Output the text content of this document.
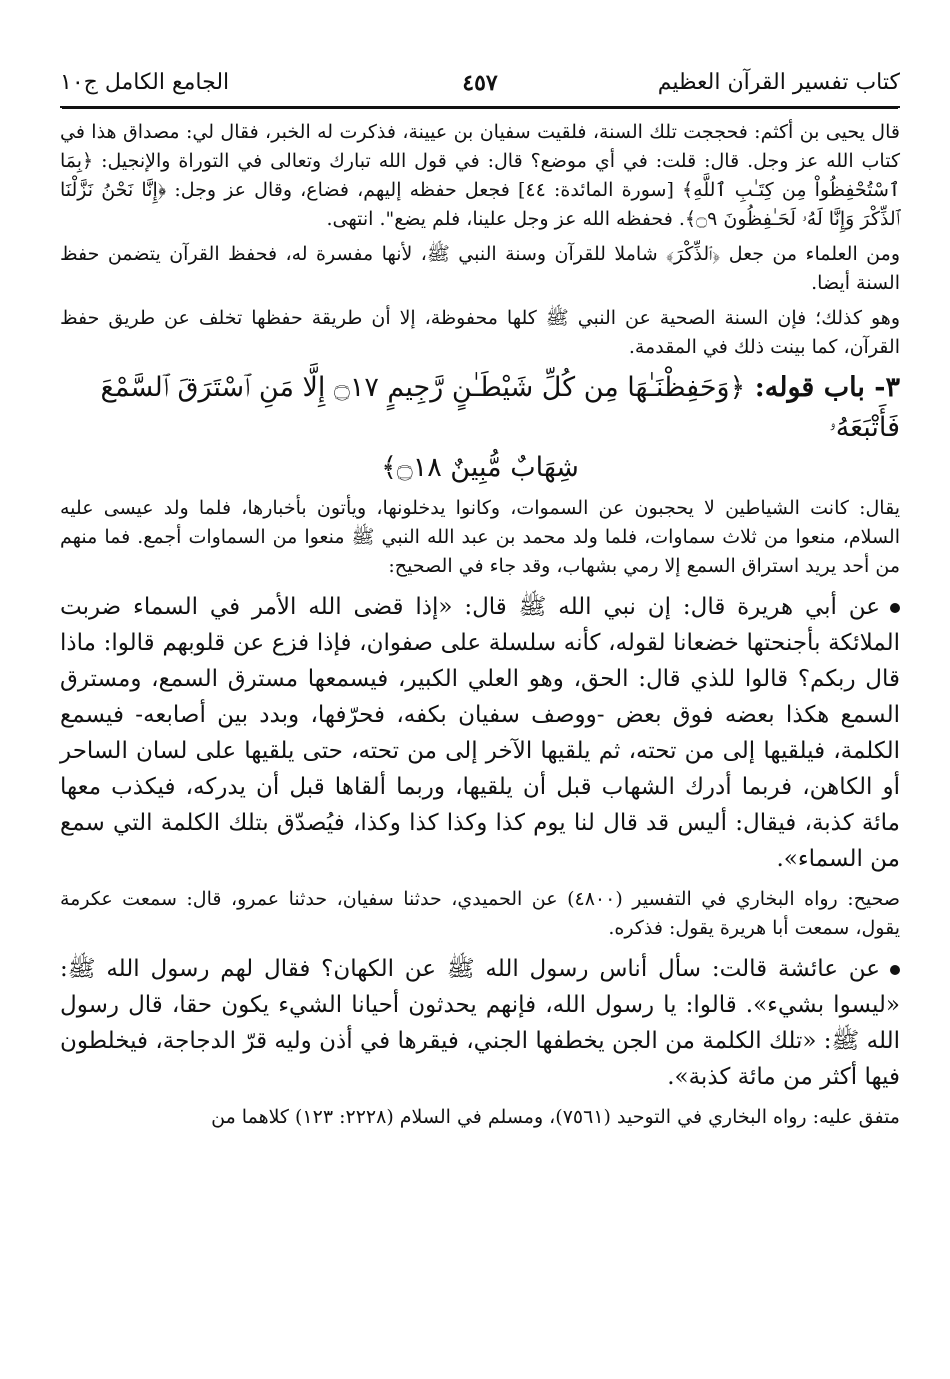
كتاب تفسير القرآن العظيم
٤٥٧
الجامع الكامل ج١٠

قال يحيى بن أكثم: فحججت تلك السنة، فلقيت سفيان بن عيينة، فذكرت له الخبر، فقال لي: مصداق هذا في كتاب الله عز وجل. قال: قلت: في أي موضع؟ قال: في قول الله تبارك وتعالى في التوراة والإنجيل: ﴿بِمَا ٱسْتُحْفِظُواْ مِن كِتَـٰبِ ٱللَّهِ﴾ [سورة المائدة: ٤٤] فجعل حفظه إليهم، فضاع، وقال عز وجل: ﴿إِنَّا نَحْنُ نَزَّلْنَا ٱلذِّكْرَ وَإِنَّا لَهُۥ لَحَـٰفِظُونَ ۝٩﴾. فحفظه الله عز وجل علينا، فلم يضع". انتهى.

ومن العلماء من جعل ﴿ٱلذِّكْرَ﴾ شاملا للقرآن وسنة النبي ﷺ، لأنها مفسرة له، فحفظ القرآن يتضمن حفظ السنة أيضا.

وهو كذلك؛ فإن السنة الصحية عن النبي ﷺ كلها محفوظة، إلا أن طريقة حفظها تخلف عن طريق حفظ القرآن، كما بينت ذلك في المقدمة.

٣- باب قوله: ﴿وَحَفِظْنَـٰهَا مِن كُلِّ شَيْطَـٰنٍ رَّجِيمٍ ۝١٧ إِلَّا مَنِ ٱسْتَرَقَ ٱلسَّمْعَ فَأَتْبَعَهُۥ
شِهَابٌ مُّبِينٌ ۝١٨﴾

يقال: كانت الشياطين لا يحجبون عن السموات، وكانوا يدخلونها، ويأتون بأخبارها، فلما ولد عيسى عليه السلام، منعوا من ثلاث سماوات، فلما ولد محمد بن عبد الله النبي ﷺ منعوا من السماوات أجمع. فما منهم من أحد يريد استراق السمع إلا رمي بشهاب، وقد جاء في الصحيح:

عن أبي هريرة قال: إن نبي الله ﷺ قال: «إذا قضى الله الأمر في السماء ضربت الملائكة بأجنحتها خضعانا لقوله، كأنه سلسلة على صفوان، فإذا فزع عن قلوبهم قالوا: ماذا قال ربكم؟ قالوا للذي قال: الحق، وهو العلي الكبير، فيسمعها مسترق السمع، ومسترق السمع هكذا بعضه فوق بعض -ووصف سفيان بكفه، فحرّفها، وبدد بين أصابعه- فيسمع الكلمة، فيلقيها إلى من تحته، ثم يلقيها الآخر إلى من تحته، حتى يلقيها على لسان الساحر أو الكاهن، فربما أدرك الشهاب قبل أن يلقيها، وربما ألقاها قبل أن يدركه، فيكذب معها مائة كذبة، فيقال: أليس قد قال لنا يوم كذا وكذا كذا وكذا، فيُصدّق بتلك الكلمة التي سمع من السماء».

صحيح: رواه البخاري في التفسير (٤٨٠٠) عن الحميدي، حدثنا سفيان، حدثنا عمرو، قال: سمعت عكرمة يقول، سمعت أبا هريرة يقول: فذكره.

عن عائشة قالت: سأل أناس رسول الله ﷺ عن الكهان؟ فقال لهم رسول الله ﷺ: «ليسوا بشيء». قالوا: يا رسول الله، فإنهم يحدثون أحيانا الشيء يكون حقا، قال رسول الله ﷺ: «تلك الكلمة من الجن يخطفها الجني، فيقرها في أذن وليه قرّ الدجاجة، فيخلطون فيها أكثر من مائة كذبة».

متفق عليه: رواه البخاري في التوحيد (٧٥٦١)، ومسلم في السلام (٢٢٢٨: ١٢٣) كلاهما من
